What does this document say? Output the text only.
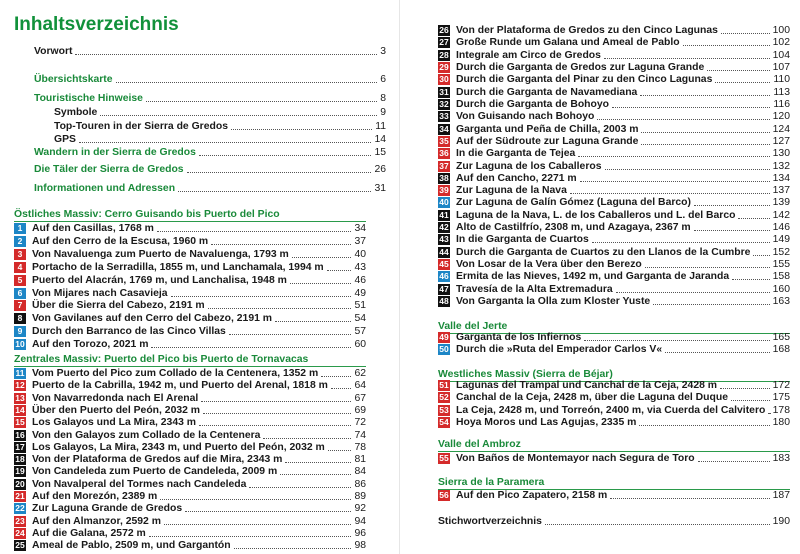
Inhaltsverzeichnis
Vorwort	3
Übersichtskarte	6
Touristische Hinweise	8
Symbole	9
Top-Touren in der Sierra de Gredos	11
GPS	14
Wandern in der Sierra de Gredos	15
Die Täler der Sierra de Gredos	26
Informationen und Adressen	31
Östliches Massiv: Cerro Guisando bis Puerto del Pico
1 Auf den Casillas, 1768 m	34
2 Auf den Cerro de la Escusa, 1960 m	37
3 Von Navaluenga zum Puerto de Navaluenga, 1793 m	40
4 Portacho de la Serradilla, 1855 m, und Lanchamala, 1994 m	43
5 Puerto del Alacrán, 1769 m, und Lanchalisa, 1948 m	46
6 Von Mijares nach Casavieja	49
7 Über die Sierra del Cabezo, 2191 m	51
8 Von Gavilanes auf den Cerro del Cabezo, 2191 m	54
9 Durch den Barranco de las Cinco Villas	57
10 Auf den Torozo, 2021 m	60
Zentrales Massiv: Puerto del Pico bis Puerto de Tornavacas
11 Vom Puerto del Pico zum Collado de la Centenera, 1352 m	62
12 Puerto de la Cabrilla, 1942 m, und Puerto del Arenal, 1818 m	64
13 Von Navarredonda nach El Arenal	67
14 Über den Puerto del Peón, 2032 m	69
15 Los Galayos und La Mira, 2343 m	72
16 Von den Galayos zum Collado de la Centenera	74
17 Los Galayos, La Mira, 2343 m, und Puerto del Peón, 2032 m	78
18 Von der Plataforma de Gredos auf die Mira, 2343 m	81
19 Von Candeleda zum Puerto de Candeleda, 2009 m	84
20 Von Navalperal del Tormes nach Candeleda	86
21 Auf den Morezón, 2389 m	89
22 Zur Laguna Grande de Gredos	92
23 Auf den Almanzor, 2592 m	94
24 Auf die Galana, 2572 m	96
25 Ameal de Pablo, 2509 m, und Gargantón	98
26 Von der Plataforma de Gredos zu den Cinco Lagunas	100
27 Große Runde um Galana und Ameal de Pablo	102
28 Integrale am Circo de Gredos	104
29 Durch die Garganta de Gredos zur Laguna Grande	107
30 Durch die Garganta del Pinar zu den Cinco Lagunas	110
31 Durch die Garganta de Navamediana	113
32 Durch die Garganta de Bohoyo	116
33 Von Guisando nach Bohoyo	120
34 Garganta und Peña de Chilla, 2003 m	124
35 Auf der Südroute zur Laguna Grande	127
36 In die Garganta de Tejea	130
37 Zur Laguna de los Caballeros	132
38 Auf den Cancho, 2271 m	134
39 Zur Laguna de la Nava	137
40 Zur Laguna de Galín Gómez (Laguna del Barco)	139
41 Laguna de la Nava, L. de los Caballeros und L. del Barco	142
42 Alto de Castilfrío, 2308 m, und Azagaya, 2367 m	146
43 In die Garganta de Cuartos	149
44 Durch die Garganta de Cuartos zu den Llanos de la Cumbre 152
45 Von Losar de la Vera über den Berezo	155
46 Ermita de las Nieves, 1492 m, und Garganta de Jaranda	158
47 Travesía de la Alta Extremadura	160
48 Von Garganta la Olla zum Kloster Yuste	163
Valle del Jerte
49 Garganta de los Infiernos	165
50 Durch die »Ruta del Emperador Carlos V«	168
Westliches Massiv (Sierra de Béjar)
51 Lagunas del Trampal und Canchal de la Ceja, 2428 m	172
52 Canchal de la Ceja, 2428 m, über die Laguna del Duque	175
53 La Ceja, 2428 m, und Torreón, 2400 m, via Cuerda del Calvitero 178
54 Hoya Moros und Las Agujas, 2335 m	180
Valle del Ambroz
55 Von Baños de Montemayor nach Segura de Toro	183
Sierra de la Paramera
56 Auf den Pico Zapatero, 2158 m	187
Stichwortverzeichnis	190
